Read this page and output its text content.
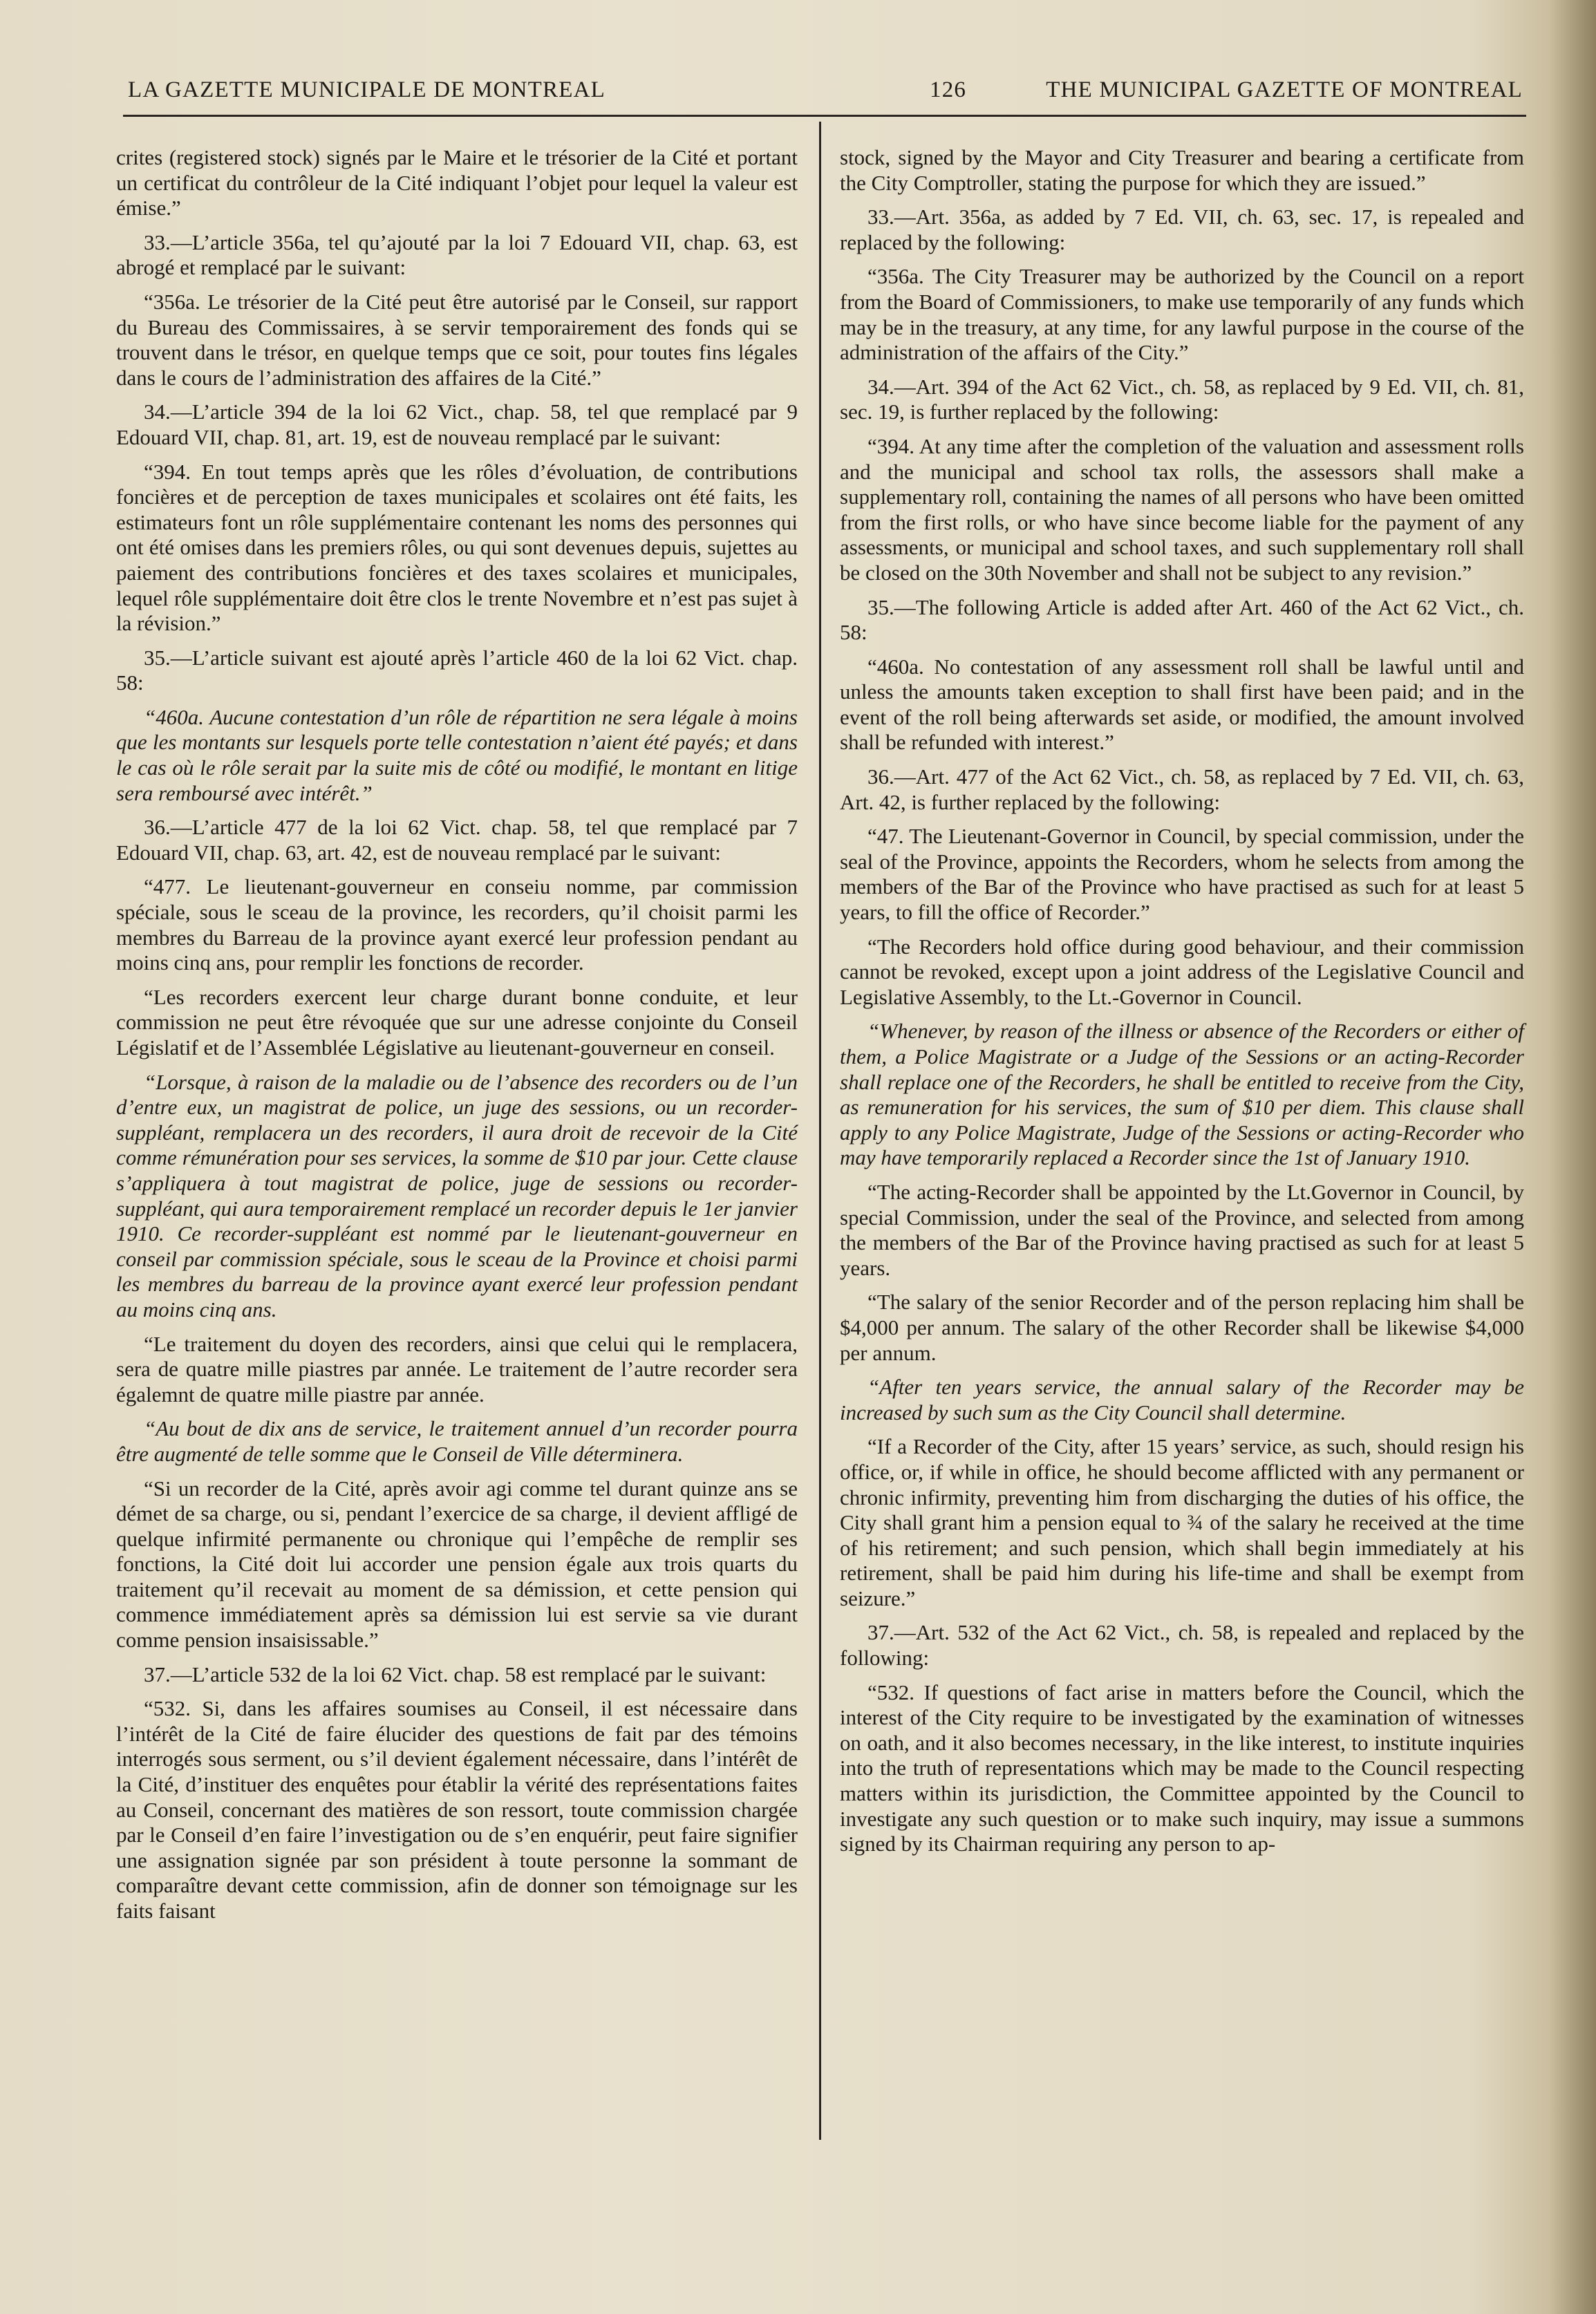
LA GAZETTE MUNICIPALE DE MONTREAL	126	THE MUNICIPAL GAZETTE OF MONTREAL

crites (registered stock) signés par le Maire et le trésorier de la Cité et portant un certificat du contrôleur de la Cité indiquant l’objet pour lequel la valeur est émise.”

33.—L’article 356a, tel qu’ajouté par la loi 7 Edouard VII, chap. 63, est abrogé et remplacé par le suivant:

“356a. Le trésorier de la Cité peut être autorisé par le Conseil, sur rapport du Bureau des Commissaires, à se servir temporairement des fonds qui se trouvent dans le trésor, en quelque temps que ce soit, pour toutes fins légales dans le cours de l’administration des affaires de la Cité.”

34.—L’article 394 de la loi 62 Vict., chap. 58, tel que remplacé par 9 Edouard VII, chap. 81, art. 19, est de nouveau remplacé par le suivant:

“394. En tout temps après que les rôles d’évoluation, de contributions foncières et de perception de taxes municipales et scolaires ont été faits, les estimateurs font un rôle supplémentaire contenant les noms des personnes qui ont été omises dans les premiers rôles, ou qui sont devenues depuis, sujettes au paiement des contributions foncières et des taxes scolaires et municipales, lequel rôle supplémentaire doit être clos le trente Novembre et n’est pas sujet à la révision.”

35.—L’article suivant est ajouté après l’article 460 de la loi 62 Vict. chap. 58:

“460a. Aucune contestation d’un rôle de répartition ne sera légale à moins que les montants sur lesquels porte telle contestation n’aient été payés; et dans le cas où le rôle serait par la suite mis de côté ou modifié, le montant en litige sera remboursé avec intérêt.”

36.—L’article 477 de la loi 62 Vict. chap. 58, tel que remplacé par 7 Edouard VII, chap. 63, art. 42, est de nouveau remplacé par le suivant:

“477. Le lieutenant-gouverneur en conseiu nomme, par commission spéciale, sous le sceau de la province, les recorders, qu’il choisit parmi les membres du Barreau de la province ayant exercé leur profession pendant au moins cinq ans, pour remplir les fonctions de recorder.

“Les recorders exercent leur charge durant bonne conduite, et leur commission ne peut être révoquée que sur une adresse conjointe du Conseil Législatif et de l’Assemblée Législative au lieutenant-gouverneur en conseil.

“Lorsque, à raison de la maladie ou de l’absence des recorders ou de l’un d’entre eux, un magistrat de police, un juge des sessions, ou un recorder-suppléant, remplacera un des recorders, il aura droit de recevoir de la Cité comme rémunération pour ses services, la somme de $10 par jour. Cette clause s’appliquera à tout magistrat de police, juge de sessions ou recorder-suppléant, qui aura temporairement remplacé un recorder depuis le 1er janvier 1910. Ce recorder-suppléant est nommé par le lieutenant-gouverneur en conseil par commission spéciale, sous le sceau de la Province et choisi parmi les membres du barreau de la province ayant exercé leur profession pendant au moins cinq ans.

“Le traitement du doyen des recorders, ainsi que celui qui le remplacera, sera de quatre mille piastres par année. Le traitement de l’autre recorder sera égalemnt de quatre mille piastre par année.

“Au bout de dix ans de service, le traitement annuel d’un recorder pourra être augmenté de telle somme que le Conseil de Ville déterminera.

“Si un recorder de la Cité, après avoir agi comme tel durant quinze ans se démet de sa charge, ou si, pendant l’exercice de sa charge, il devient affligé de quelque infirmité permanente ou chronique qui l’empêche de remplir ses fonctions, la Cité doit lui accorder une pension égale aux trois quarts du traitement qu’il recevait au moment de sa démission, et cette pension qui commence immédiatement après sa démission lui est servie sa vie durant comme pension insaisissable.”

37.—L’article 532 de la loi 62 Vict. chap. 58 est remplacé par le suivant:

“532. Si, dans les affaires soumises au Conseil, il est nécessaire dans l’intérêt de la Cité de faire élucider des questions de fait par des témoins interrogés sous serment, ou s’il devient également nécessaire, dans l’intérêt de la Cité, d’instituer des enquêtes pour établir la vérité des représentations faites au Conseil, concernant des matières de son ressort, toute commission chargée par le Conseil d’en faire l’investigation ou de s’en enquérir, peut faire signifier une assignation signée par son président à toute personne la sommant de comparaître devant cette commission, afin de donner son témoignage sur les faits faisant

stock, signed by the Mayor and City Treasurer and bearing a certificate from the City Comptroller, stating the purpose for which they are issued.”

33.—Art. 356a, as added by 7 Ed. VII, ch. 63, sec. 17, is repealed and replaced by the following:

“356a. The City Treasurer may be authorized by the Council on a report from the Board of Commissioners, to make use temporarily of any funds which may be in the treasury, at any time, for any lawful purpose in the course of the administration of the affairs of the City.”

34.—Art. 394 of the Act 62 Vict., ch. 58, as replaced by 9 Ed. VII, ch. 81, sec. 19, is further replaced by the following:

“394. At any time after the completion of the valuation and assessment rolls and the municipal and school tax rolls, the assessors shall make a supplementary roll, containing the names of all persons who have been omitted from the first rolls, or who have since become liable for the payment of any assessments, or municipal and school taxes, and such supplementary roll shall be closed on the 30th November and shall not be subject to any revision.”

35.—The following Article is added after Art. 460 of the Act 62 Vict., ch. 58:

“460a. No contestation of any assessment roll shall be lawful until and unless the amounts taken exception to shall first have been paid; and in the event of the roll being afterwards set aside, or modified, the amount involved shall be refunded with interest.”

36.—Art. 477 of the Act 62 Vict., ch. 58, as replaced by 7 Ed. VII, ch. 63, Art. 42, is further replaced by the following:

“47. The Lieutenant-Governor in Council, by special commission, under the seal of the Province, appoints the Recorders, whom he selects from among the members of the Bar of the Province who have practised as such for at least 5 years, to fill the office of Recorder.”

“The Recorders hold office during good behaviour, and their commission cannot be revoked, except upon a joint address of the Legislative Council and Legislative Assembly, to the Lt.-Governor in Council.

“Whenever, by reason of the illness or absence of the Recorders or either of them, a Police Magistrate or a Judge of the Sessions or an acting-Recorder shall replace one of the Recorders, he shall be entitled to receive from the City, as remuneration for his services, the sum of $10 per diem. This clause shall apply to any Police Magistrate, Judge of the Sessions or acting-Recorder who may have temporarily replaced a Recorder since the 1st of January 1910.

“The acting-Recorder shall be appointed by the Lt.Governor in Council, by special Commission, under the seal of the Province, and selected from among the members of the Bar of the Province having practised as such for at least 5 years.

“The salary of the senior Recorder and of the person replacing him shall be $4,000 per annum. The salary of the other Recorder shall be likewise $4,000 per annum.

“After ten years service, the annual salary of the Recorder may be increased by such sum as the City Council shall determine.

“If a Recorder of the City, after 15 years’ service, as such, should resign his office, or, if while in office, he should become afflicted with any permanent or chronic infirmity, preventing him from discharging the duties of his office, the City shall grant him a pension equal to ¾ of the salary he received at the time of his retirement; and such pension, which shall begin immediately at his retirement, shall be paid him during his life-time and shall be exempt from seizure.”

37.—Art. 532 of the Act 62 Vict., ch. 58, is repealed and replaced by the following:

“532. If questions of fact arise in matters before the Council, which the interest of the City require to be investigated by the examination of witnesses on oath, and it also becomes necessary, in the like interest, to institute inquiries into the truth of representations which may be made to the Council respecting matters within its jurisdiction, the Committee appointed by the Council to investigate any such question or to make such inquiry, may issue a summons signed by its Chairman requiring any person to ap-
